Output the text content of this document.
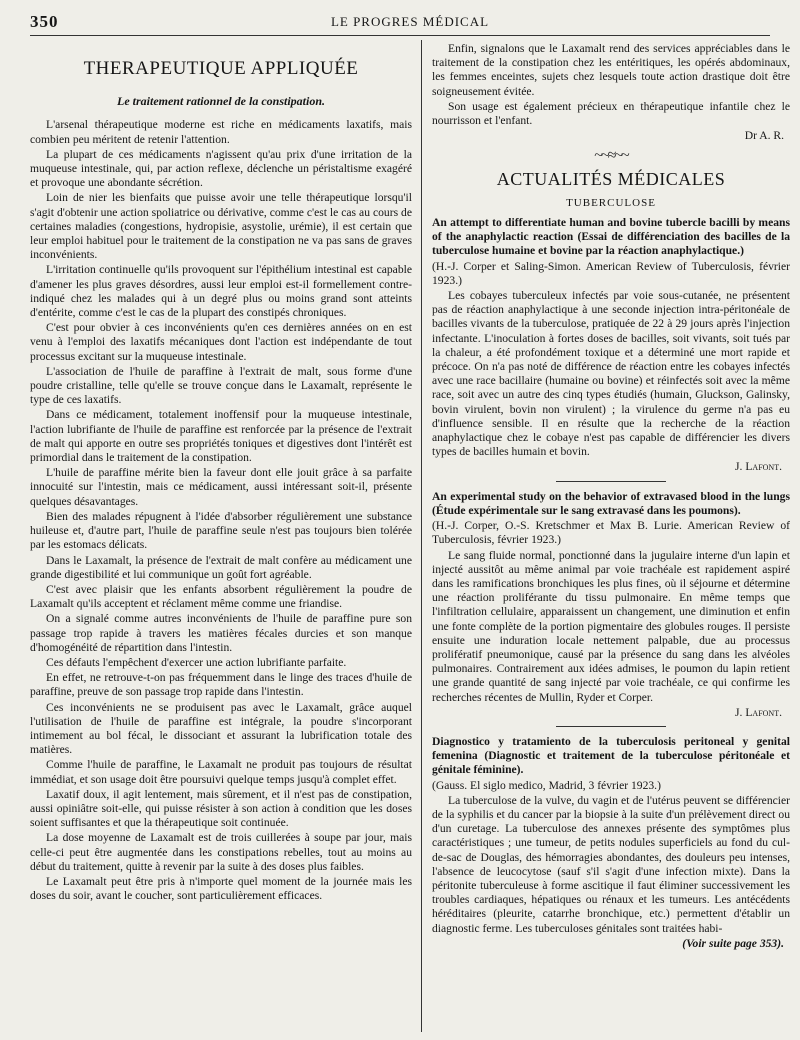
350	LE PROGRES MÉDICAL
THERAPEUTIQUE APPLIQUÉE
Le traitement rationnel de la constipation.

L'arsenal thérapeutique moderne est riche en médicaments laxatifs, mais combien peu méritent de retenir l'attention.

La plupart de ces médicaments n'agissent qu'au prix d'une irritation de la muqueuse intestinale, qui, par action reflexe, déclenche un péristaltisme exagéré et provoque une abondante sécrétion.

Loin de nier les bienfaits que puisse avoir une telle thérapeutique lorsqu'il s'agit d'obtenir une action spoliatrice ou dérivative, comme c'est le cas au cours de certaines maladies (congestions, hydropisie, asystolie, urémie), il est certain que leur emploi habituel pour le traitement de la constipation ne va pas sans de graves inconvénients.

L'irritation continuelle qu'ils provoquent sur l'épithélium intestinal est capable d'amener les plus graves désordres, aussi leur emploi est-il formellement contre-indiqué chez les malades qui à un degré plus ou moins grand sont atteints d'entérite, comme c'est le cas de la plupart des constipés chroniques.

C'est pour obvier à ces inconvénients qu'en ces dernières années on en est venu à l'emploi des laxatifs mécaniques dont l'action est indépendante de tout processus excitant sur la muqueuse intestinale.

L'association de l'huile de paraffine à l'extrait de malt, sous forme d'une poudre cristalline, telle qu'elle se trouve conçue dans le Laxamalt, représente le type de ces laxatifs.

Dans ce médicament, totalement inoffensif pour la muqueuse intestinale, l'action lubrifiante de l'huile de paraffine est renforcée par la présence de l'extrait de malt qui apporte en outre ses propriétés toniques et digestives dont l'intérêt est primordial dans le traitement de la constipation.

L'huile de paraffine mérite bien la faveur dont elle jouit grâce à sa parfaite innocuité sur l'intestin, mais ce médicament, aussi intéressant soit-il, présente quelques désavantages.

Bien des malades répugnent à l'idée d'absorber régulièrement une substance huileuse et, d'autre part, l'huile de paraffine seule n'est pas toujours bien tolérée par les estomacs délicats.

Dans le Laxamalt, la présence de l'extrait de malt confère au médicament une grande digestibilité et lui communique un goût fort agréable.

C'est avec plaisir que les enfants absorbent régulièrement la poudre de Laxamalt qu'ils acceptent et réclament même comme une friandise.

On a signalé comme autres inconvénients de l'huile de paraffine pure son passage trop rapide à travers les matières fécales durcies et son manque d'homogénéité de répartition dans l'intestin.

Ces défauts l'empêchent d'exercer une action lubrifiante parfaite.

En effet, ne retrouve-t-on pas fréquemment dans le linge des traces d'huile de paraffine, preuve de son passage trop rapide dans l'intestin.

Ces inconvénients ne se produisent pas avec le Laxamalt, grâce auquel l'utilisation de l'huile de paraffine est intégrale, la poudre s'incorporant intimement au bol fécal, le dissociant et assurant la lubrification totale des matières.

Comme l'huile de paraffine, le Laxamalt ne produit pas toujours de résultat immédiat, et son usage doit être poursuivi quelque temps jusqu'à complet effet.

Laxatif doux, il agit lentement, mais sûrement, et il n'est pas de constipation, aussi opiniâtre soit-elle, qui puisse résister à son action à condition que les doses soient suffisantes et que la thérapeutique soit continuée.

La dose moyenne de Laxamalt est de trois cuillerées à soupe par jour, mais celle-ci peut être augmentée dans les constipations rebelles, tout au moins au début du traitement, quitte à revenir par la suite à des doses plus faibles.

Le Laxamalt peut être pris à n'importe quel moment de la journée mais les doses du soir, avant le coucher, sont particulièrement efficaces.

Enfin, signalons que le Laxamalt rend des services appréciables dans le traitement de la constipation chez les entéritiques, les opérés abdominaux, les femmes enceintes, sujets chez lesquels toute action drastique doit être soigneusement évitée.

Son usage est également précieux en thérapeutique infantile chez le nourrisson et l'enfant.

Dr A. R.

~~≈~~
ACTUALITÉS MÉDICALES
TUBERCULOSE

An attempt to differentiate human and bovine tubercle bacilli by means of the anaphylactic reaction (Essai de différenciation des bacilles de la tuberculose humaine et bovine par la réaction anaphylactique.)

(H.-J. Corper et Saling-Simon. American Review of Tuberculosis, février 1923.)

Les cobayes tuberculeux infectés par voie sous-cutanée, ne présentent pas de réaction anaphylactique à une seconde injection intra-péritonéale de bacilles vivants de la tuberculose, pratiquée de 22 à 29 jours après l'injection infectante. L'inoculation à fortes doses de bacilles, soit vivants, soit tués par la chaleur, a été profondément toxique et a déterminé une mort rapide et précoce. On n'a pas noté de différence de réaction entre les cobayes infectés avec une race bacillaire (humaine ou bovine) et réinfectés soit avec la même race, soit avec un autre des cinq types étudiés (humain, Gluckson, Galinsky, bovin virulent, bovin non virulent) ; la virulence du germe n'a pas eu d'influence sensible. Il en résulte que la recherche de la réaction anaphylactique chez le cobaye n'est pas capable de différencier les divers types de bacilles humain et bovin.

J. Lafont.

An experimental study on the behavior of extravased blood in the lungs (Étude expérimentale sur le sang extravasé dans les poumons).

(H.-J. Corper, O.-S. Kretschmer et Max B. Lurie. American Review of Tuberculosis, février 1923.)

Le sang fluide normal, ponctionné dans la jugulaire interne d'un lapin et injecté aussitôt au même animal par voie trachéale est rapidement aspiré dans les ramifications bronchiques les plus fines, où il séjourne et détermine une réaction proliférante du tissu pulmonaire. En même temps que l'infiltration cellulaire, apparaissent un changement, une diminution et enfin une fonte complète de la portion pigmentaire des globules rouges. Il persiste ensuite une induration locale nettement palpable, due au processus prolifératif pneumonique, causé par la présence du sang dans les alvéoles pulmonaires. Contrairement aux idées admises, le poumon du lapin retient une grande quantité de sang injecté par voie trachéale, ce qui confirme les recherches récentes de Mullin, Ryder et Corper.

J. Lafont.

Diagnostico y tratamiento de la tuberculosis peritoneal y genital femenina (Diagnostic et traitement de la tuberculose péritonéale et génitale féminine).

(Gauss. El siglo medico, Madrid, 3 février 1923.)

La tuberculose de la vulve, du vagin et de l'utérus peuvent se différencier de la syphilis et du cancer par la biopsie à la suite d'un prélèvement direct ou d'un curetage. La tuberculose des annexes présente des symptômes plus caractéristiques ; une tumeur, de petits nodules superficiels au fond du cul-de-sac de Douglas, des hémorragies abondantes, des douleurs peu intenses, l'absence de leucocytose (sauf s'il s'agit d'une infection mixte). Dans la péritonite tuberculeuse à forme ascitique il faut éliminer successivement les troubles cardiaques, hépatiques ou rénaux et les tumeurs. Les antécédents héréditaires (pleurite, catarrhe bronchique, etc.) permettent d'établir un diagnostic ferme. Les tuberculoses génitales sont traitées habi-

(Voir suite page 353).
